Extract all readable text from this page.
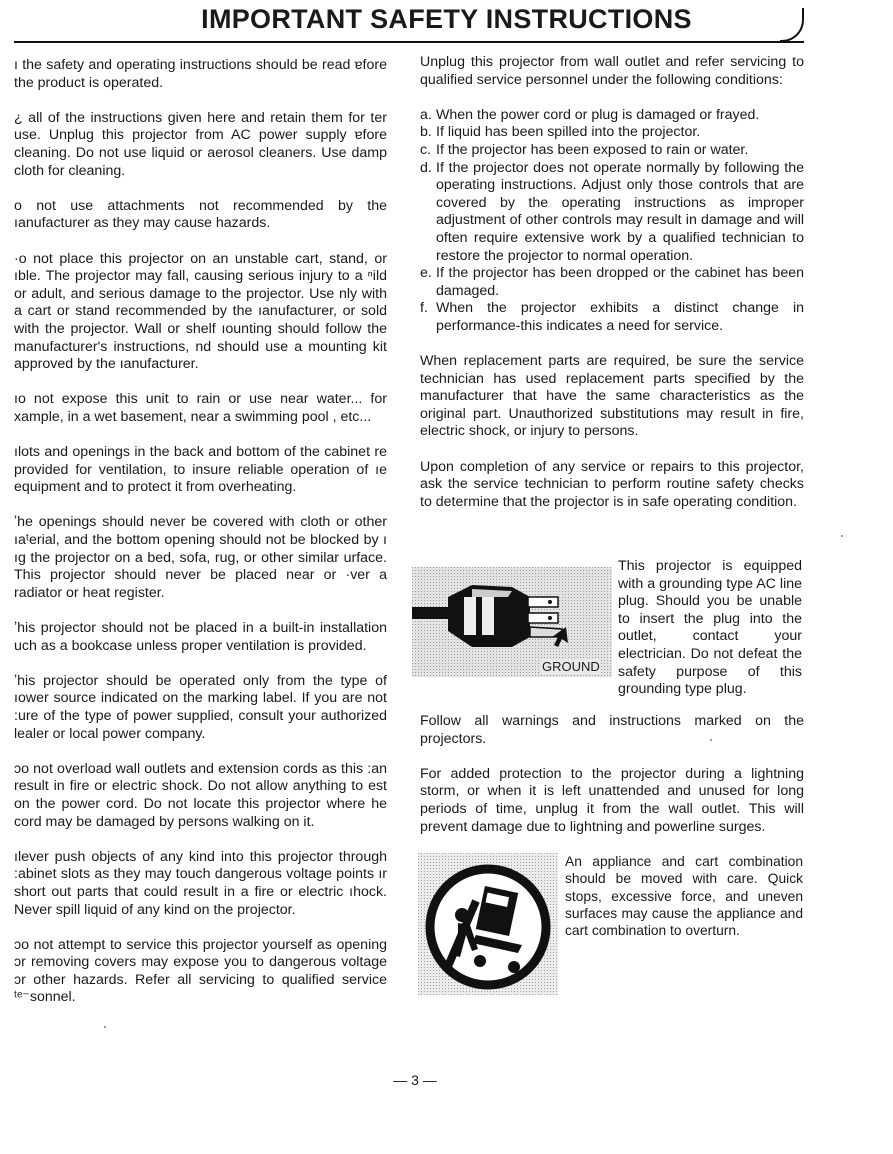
IMPORTANT SAFETY INSTRUCTIONS

ı the safety and operating instructions should be read ɐfore the product is operated.

¿ all of the instructions given here and retain them for ter use. Unplug this projector from AC power supply ɐfore cleaning. Do not use liquid or aerosol cleaners. Use damp cloth for cleaning.

o not use attachments not recommended by the ıanufacturer as they may cause hazards.

·o not place this projector on an unstable cart, stand, or ıble. The projector may fall, causing serious injury to a ⁿild or adult, and serious damage to the projector. Use nly with a cart or stand recommended by the ıanufacturer, or sold with the projector. Wall or shelf ıounting should follow the manufacturer's instructions, nd should use a mounting kit approved by the ıanufacturer.

ıo not expose this unit to rain or use near water... for xample, in a wet basement, near a swimming pool , etc...

ılots and openings in the back and bottom of the cabinet re provided for ventilation, to insure reliable operation of ıe equipment and to protect it from overheating.

ʼhe openings should never be covered with cloth or other ıaᵗerial, and the bottom opening should not be blocked by ı ıg the projector on a bed, sofa, rug, or other similar urface. This projector should never be placed near or ·ver a radiator or heat register.

ʼhis projector should not be placed in a built-in installation uch as a bookcase unless proper ventilation is provided.

ʼhis projector should be operated only from the type of ıower source indicated on the marking label. If you are not :ure of the type of power supplied, consult your authorized lealer or local power company.

ɔo not overload wall outlets and extension cords as this :an result in fire or electric shock. Do not allow anything to est on the power cord. Do not locate this projector where he cord may be damaged by persons walking on it.

ılever push objects of any kind into this projector through :abinet slots as they may touch dangerous voltage points ır short out parts that could result in a fire or electric ıhock. Never spill liquid of any kind on the projector.

ɔo not attempt to service this projector yourself as opening ɔr removing covers may expose you to dangerous voltage ɔr other hazards. Refer all servicing to qualified service ᵗᵉ⁻sonnel.

Unplug this projector from wall outlet and refer servicing to qualified service personnel under the following conditions:

a. When the power cord or plug is damaged or frayed.
b. If liquid has been spilled into the projector.
c. If the projector has been exposed to rain or water.
d. If the projector does not operate normally by following the operating instructions. Adjust only those controls that are covered by the operating instructions as improper adjustment of other controls may result in damage and will often require extensive work by a qualified technician to restore the projector to normal operation.
e. If the projector has been dropped or the cabinet has been damaged.
f. When the projector exhibits a distinct change in performance-this indicates a need for service.

When replacement parts are required, be sure the service technician has used replacement parts specified by the manufacturer that have the same characteristics as the original part. Unauthorized substitutions may result in fire, electric shock, or injury to persons.

Upon completion of any service or repairs to this projector, ask the service technician to perform routine safety checks to determine that the projector is in safe operating condition.

GROUND
This projector is equipped with a grounding type AC line plug. Should you be unable to insert the plug into the outlet, contact your electrician. Do not defeat the safety purpose of this grounding type plug.

Follow all warnings and instructions marked on the projectors.

For added protection to the projector during a lightning storm, or when it is left unattended and unused for long periods of time, unplug it from the wall outlet. This will prevent damage due to lightning and powerline surges.

An appliance and cart combination should be moved with care. Quick stops, excessive force, and uneven surfaces may cause the appliance and cart combination to overturn.
— 3 —
